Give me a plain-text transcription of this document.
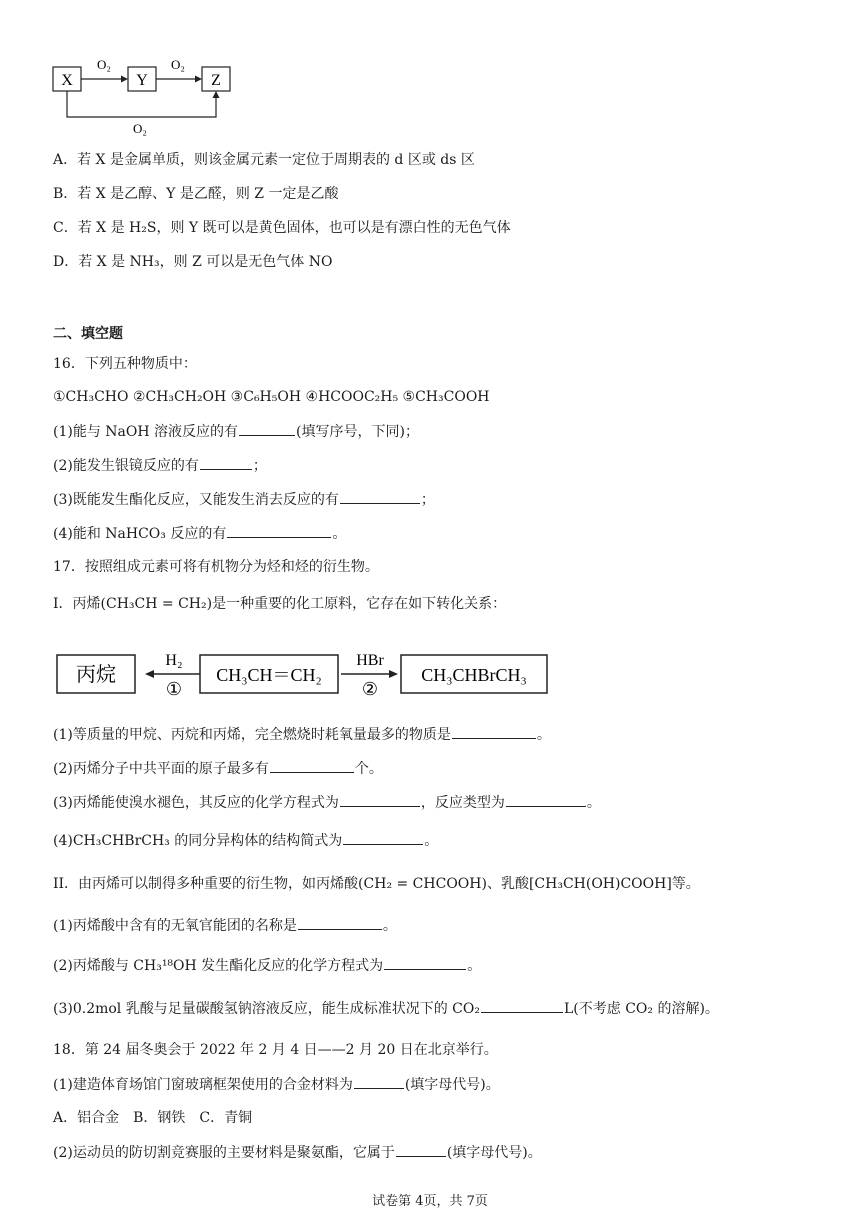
X	Y	Z
O₂	O₂
O₂
A．若 X 是金属单质，则该金属元素一定位于周期表的 d 区或 ds 区
B．若 X 是乙醇、Y 是乙醛，则 Z 一定是乙酸
C．若 X 是 H₂S，则 Y 既可以是黄色固体，也可以是有漂白性的无色气体
D．若 X 是 NH₃，则 Z 可以是无色气体 NO
二、填空题
16．下列五种物质中：
①CH₃CHO ②CH₃CH₂OH ③C₆H₅OH ④HCOOC₂H₅ ⑤CH₃COOH
(1)能与 NaOH 溶液反应的有	(填写序号，下同)；
(2)能发生银镜反应的有	；
(3)既能发生酯化反应，又能发生消去反应的有	；
(4)能和 NaHCO₃ 反应的有	。
17．按照组成元素可将有机物分为烃和烃的衍生物。
I．丙烯(CH₃CH = CH₂)是一种重要的化工原料，它存在如下转化关系：
丙烷
H₂
①
CH₃CH＝CH₂
HBr
②
CH₃CHBrCH₃
(1)等质量的甲烷、丙烷和丙烯，完全燃烧时耗氧量最多的物质是	。
(2)丙烯分子中共平面的原子最多有	个。
(3)丙烯能使溴水褪色，其反应的化学方程式为	，反应类型为	。
(4)CH₃CHBrCH₃ 的同分异构体的结构简式为	。
II．由丙烯可以制得多种重要的衍生物，如丙烯酸(CH₂ = CHCOOH)、乳酸[CH₃CH(OH)COOH]等。
(1)丙烯酸中含有的无氧官能团的名称是	。
(2)丙烯酸与 CH₃¹⁸OH 发生酯化反应的化学方程式为	。
(3)0.2mol 乳酸与足量碳酸氢钠溶液反应，能生成标准状况下的 CO₂	L(不考虑 CO₂ 的溶解)。
18．第 24 届冬奥会于 2022 年 2 月 4 日——2 月 20 日在北京举行。
(1)建造体育场馆门窗玻璃框架使用的合金材料为	(填字母代号)。
A．铝合金　B．钢铁　C．青铜
(2)运动员的防切割竞赛服的主要材料是聚氨酯，它属于	(填字母代号)。
试卷第 4页，共 7页
